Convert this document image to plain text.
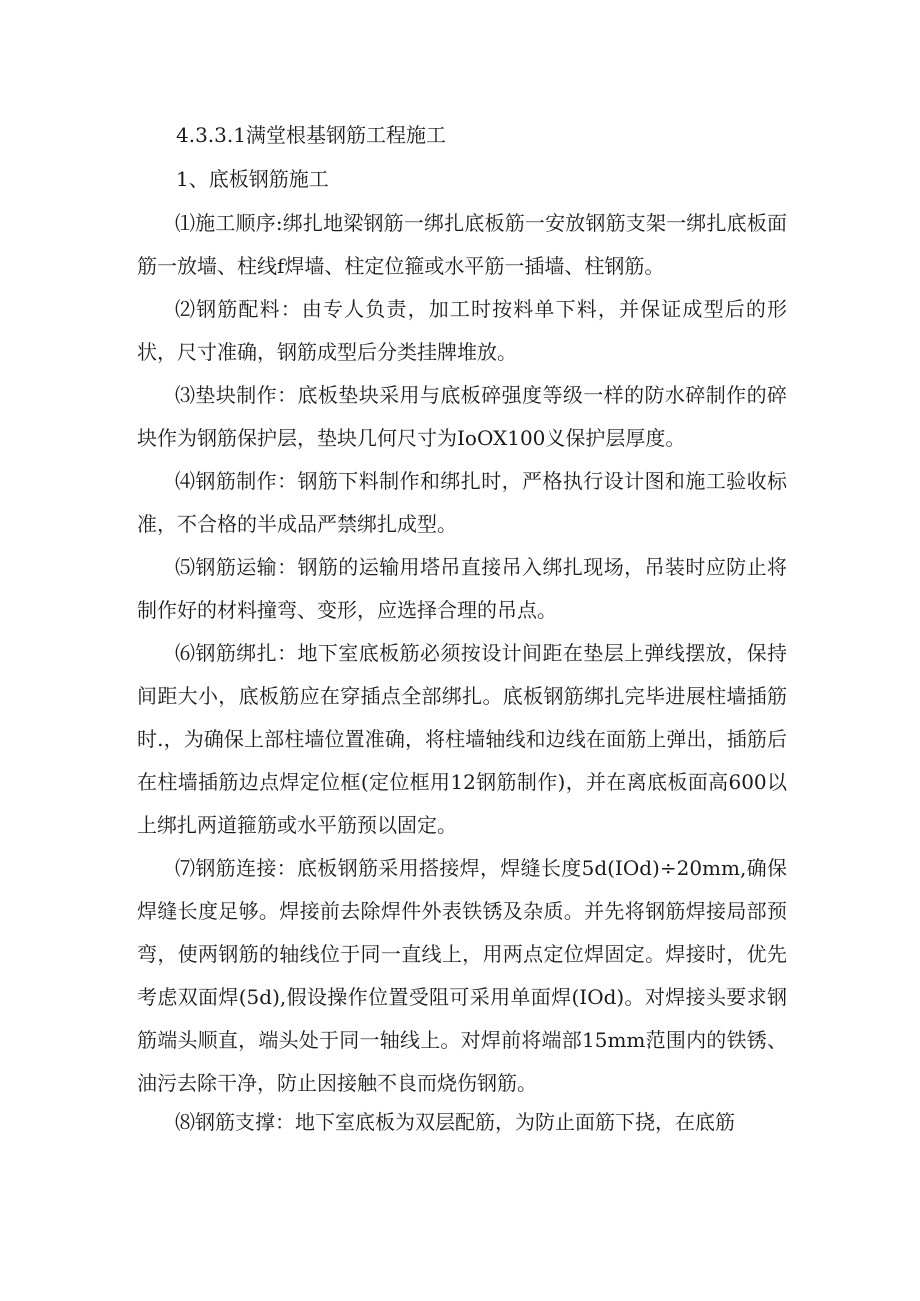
4.3.3.1满堂根基钢筋工程施工
1、底板钢筋施工

⑴施工顺序:绑扎地梁钢筋一绑扎底板筋一安放钢筋支架一绑扎底板面筋一放墙、柱线f焊墙、柱定位箍或水平筋一插墙、柱钢筋。

⑵钢筋配料：由专人负责，加工时按料单下料，并保证成型后的形状，尺寸准确，钢筋成型后分类挂牌堆放。

⑶垫块制作：底板垫块采用与底板碎强度等级一样的防水碎制作的碎块作为钢筋保护层，垫块几何尺寸为IoOX100义保护层厚度。

⑷钢筋制作：钢筋下料制作和绑扎时，严格执行设计图和施工验收标准，不合格的半成品严禁绑扎成型。

⑸钢筋运输：钢筋的运输用塔吊直接吊入绑扎现场，吊装时应防止将制作好的材料撞弯、变形，应选择合理的吊点。

⑹钢筋绑扎：地下室底板筋必须按设计间距在垫层上弹线摆放，保持间距大小，底板筋应在穿插点全部绑扎。底板钢筋绑扎完毕进展柱墙插筋时.，为确保上部柱墙位置准确，将柱墙轴线和边线在面筋上弹出，插筋后在柱墙插筋边点焊定位框(定位框用12钢筋制作)，并在离底板面高600以上绑扎两道箍筋或水平筋预以固定。

⑺钢筋连接：底板钢筋采用搭接焊，焊缝长度5d(IOd)÷20mm,确保焊缝长度足够。焊接前去除焊件外表铁锈及杂质。并先将钢筋焊接局部预弯，使两钢筋的轴线位于同一直线上，用两点定位焊固定。焊接时，优先考虑双面焊(5d),假设操作位置受阻可采用单面焊(IOd)。对焊接头要求钢筋端头顺直，端头处于同一轴线上。对焊前将端部15mm范围内的铁锈、油污去除干净，防止因接触不良而烧伤钢筋。

⑻钢筋支撑：地下室底板为双层配筋，为防止面筋下挠，在底筋
